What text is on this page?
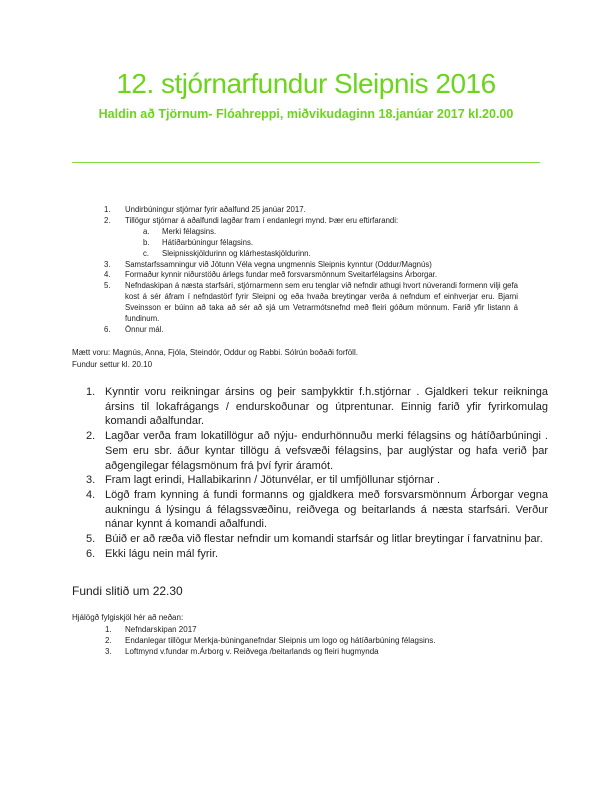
12. stjórnarfundur Sleipnis 2016
Haldin að Tjörnum- Flóahreppi, miðvikudaginn 18.janúar 2017 kl.20.00
1.	Undirbúningur stjórnar fyrir aðalfund 25 janúar 2017.
2.	Tillögur stjórnar á aðalfundi lagðar fram í endanlegri mynd. Þær eru eftirfarandi:
a.	Merki félagsins.
b.	Hátíðarbúningur félagsins.
c.	Sleipnisskjöldurinn og klárhestaskjöldurinn.
3.	Samstarfssamningur við Jötunn Véla vegna ungmennis Sleipnis kynntur (Oddur/Magnús)
4.	Formaður kynnir niðurstöðu árlegs fundar með forsvarsmönnum Sveitarfélagsins Árborgar.
5.	Nefndaskipan á næsta starfsári, stjórnarmenn sem eru tenglar við nefndir athugi hvort núverandi formenn vilji gefa kost á sér áfram í nefndastörf fyrir Sleipni og eða hvaða breytingar verða á nefndum ef einhverjar eru. Bjarni Sveinsson er búinn að taka að sér að sjá um Vetrarmótsnefnd með fleiri góðum mönnum. Farið yfir listann á fundinum.
6.	Önnur mál.

Mætt voru: Magnús, Anna, Fjóla, Steindór, Oddur og Rabbi. Sólrún boðaði forföll.

Fundur settur kl. 20.10

1. Kynntir voru reikningar ársins og þeir samþykktir f.h.stjórnar . Gjaldkeri tekur reikninga ársins til lokafrágangs / endurskoðunar og útprentunar. Einnig farið yfir fyrirkomulag komandi aðalfundar.
2. Lagðar verða fram lokatillögur að nýju- endurhönnuðu merki félagsins og hátíðarbúningi . Sem eru sbr. áður kyntar tillögu á vefsvæði félagsins, þar auglýstar og hafa verið þar aðgengilegar félagsmönum frá því fyrir áramót.
3. Fram lagt erindi, Hallabikarinn / Jötunvélar, er til umfjöllunar stjórnar .
4. Lögð fram kynning á fundi formanns og gjaldkera með forsvarsmönnum Árborgar vegna aukningu á lýsingu á félagssvæðinu, reiðvega og beitarlands á næsta starfsári. Verður nánar kynnt á komandi aðalfundi.
5. Búið er að ræða við flestar nefndir um komandi starfsár og litlar breytingar í farvatninu þar.
6. Ekki lágu nein mál fyrir.

Fundi slitið um 22.30

Hjálögð fylgiskjöl hér að neðan:

1.	Nefndarskipan 2017
2.	Endanlegar tillögur Merkja-búninganefndar Sleipnis um logo og hátíðarbúning félagsins.
3.	Loftmynd v.fundar m.Árborg v. Reiðvega /beitarlands og fleiri hugmynda
